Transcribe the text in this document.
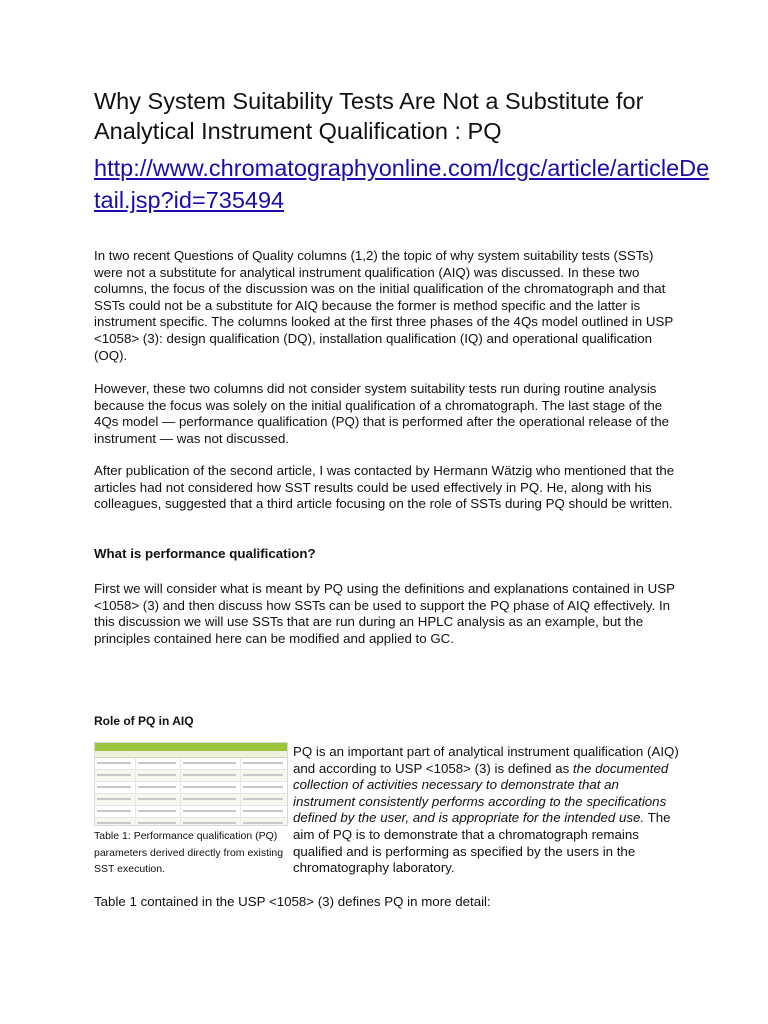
Why System Suitability Tests Are Not a Substitute for Analytical Instrument Qualification : PQ
http://www.chromatographyonline.com/lcgc/article/articleDetail.jsp?id=735494

In two recent Questions of Quality columns (1,2) the topic of why system suitability tests (SSTs) were not a substitute for analytical instrument qualification (AIQ) was discussed. In these two columns, the focus of the discussion was on the initial qualification of the chromatograph and that SSTs could not be a substitute for AIQ because the former is method specific and the latter is instrument specific. The columns looked at the first three phases of the 4Qs model outlined in USP <1058> (3): design qualification (DQ), installation qualification (IQ) and operational qualification (OQ).

However, these two columns did not consider system suitability tests run during routine analysis because the focus was solely on the initial qualification of a chromatograph. The last stage of the 4Qs model — performance qualification (PQ) that is performed after the operational release of the instrument — was not discussed.

After publication of the second article, I was contacted by Hermann Wätzig who mentioned that the articles had not considered how SST results could be used effectively in PQ. He, along with his colleagues, suggested that a third article focusing on the role of SSTs during PQ should be written.

What is performance qualification?

First we will consider what is meant by PQ using the definitions and explanations contained in USP <1058> (3) and then discuss how SSTs can be used to support the PQ phase of AIQ effectively. In this discussion we will use SSTs that are run during an HPLC analysis as an example, but the principles contained here can be modified and applied to GC.

Role of PQ in AIQ

Table 1: Performance qualification (PQ) parameters derived directly from existing SST execution.

PQ is an important part of analytical instrument qualification (AIQ) and according to USP <1058> (3) is defined as the documented collection of activities necessary to demonstrate that an instrument consistently performs according to the specifications defined by the user, and is appropriate for the intended use. The aim of PQ is to demonstrate that a chromatograph remains qualified and is performing as specified by the users in the chromatography laboratory.

Table 1 contained in the USP <1058> (3) defines PQ in more detail:
